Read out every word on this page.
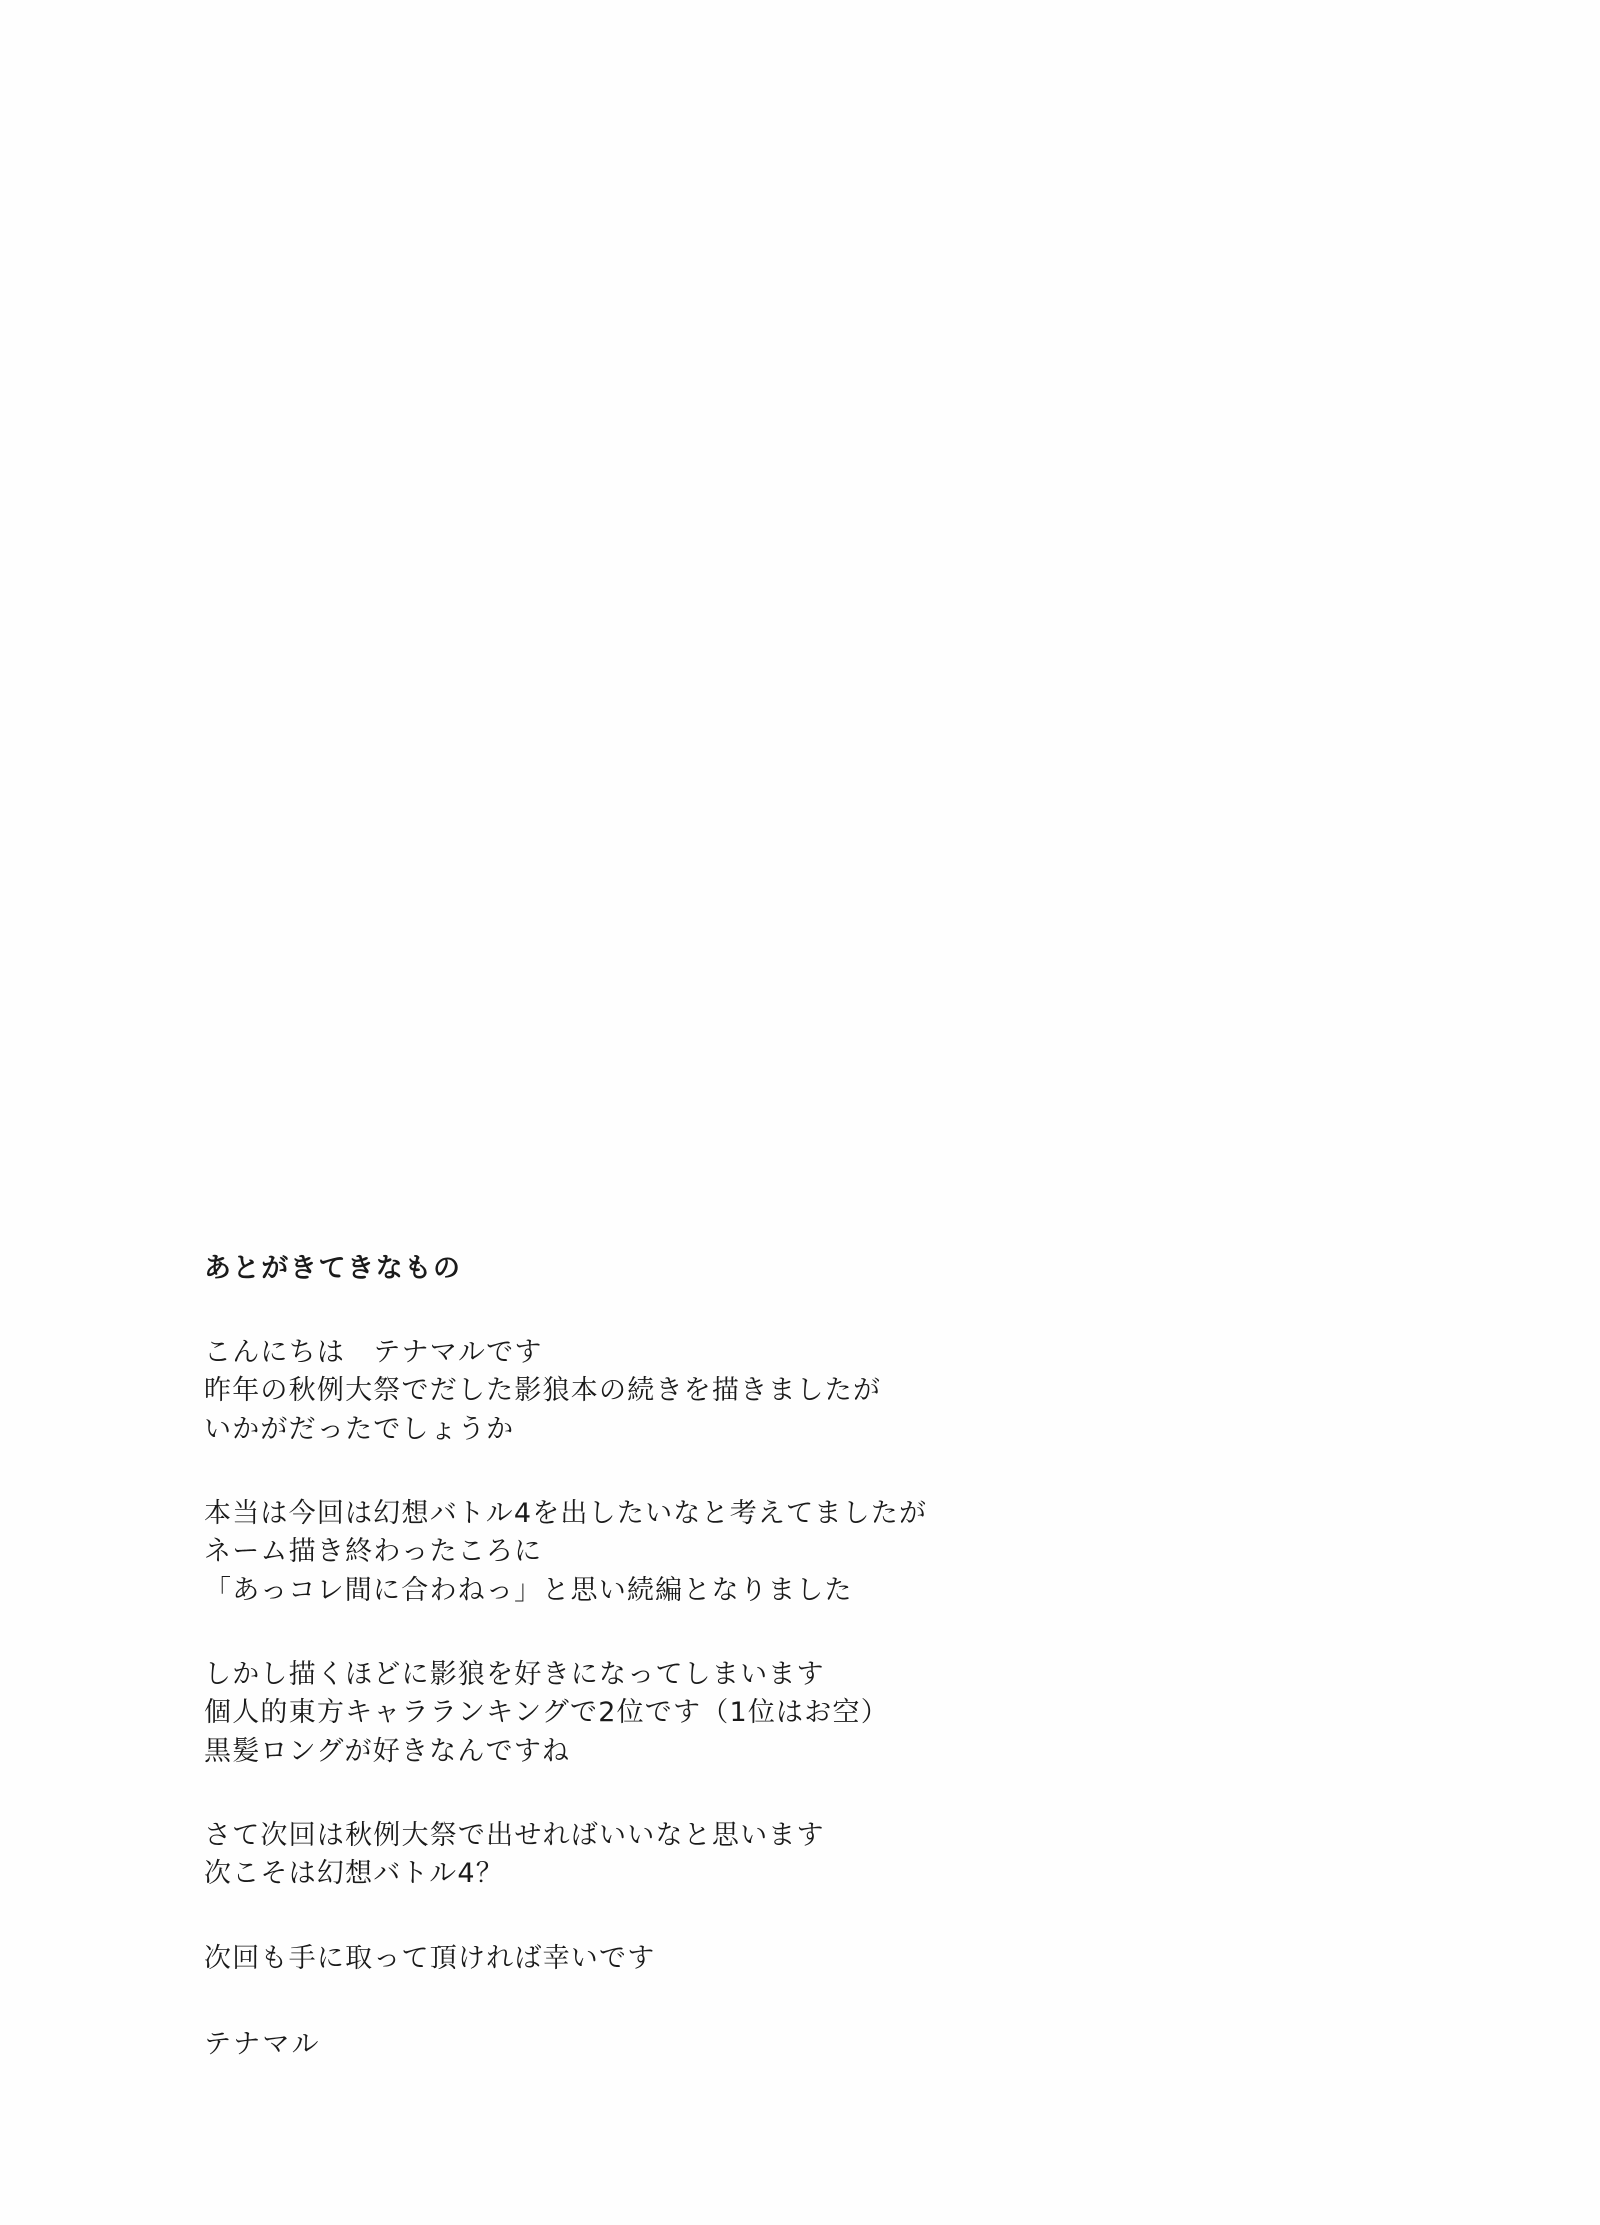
あとがきてきなもの

こんにちは　テナマルです

昨年の秋例大祭でだした影狼本の続きを描きましたが

いかがだったでしょうか

本当は今回は幻想バトル4を出したいなと考えてましたが

ネーム描き終わったころに

「あっコレ間に合わねっ」と思い続編となりました

しかし描くほどに影狼を好きになってしまいます

個人的東方キャラランキングで2位です（1位はお空）

黒髪ロングが好きなんですね

さて次回は秋例大祭で出せればいいなと思います

次こそは幻想バトル4？

次回も手に取って頂ければ幸いです

テナマル
